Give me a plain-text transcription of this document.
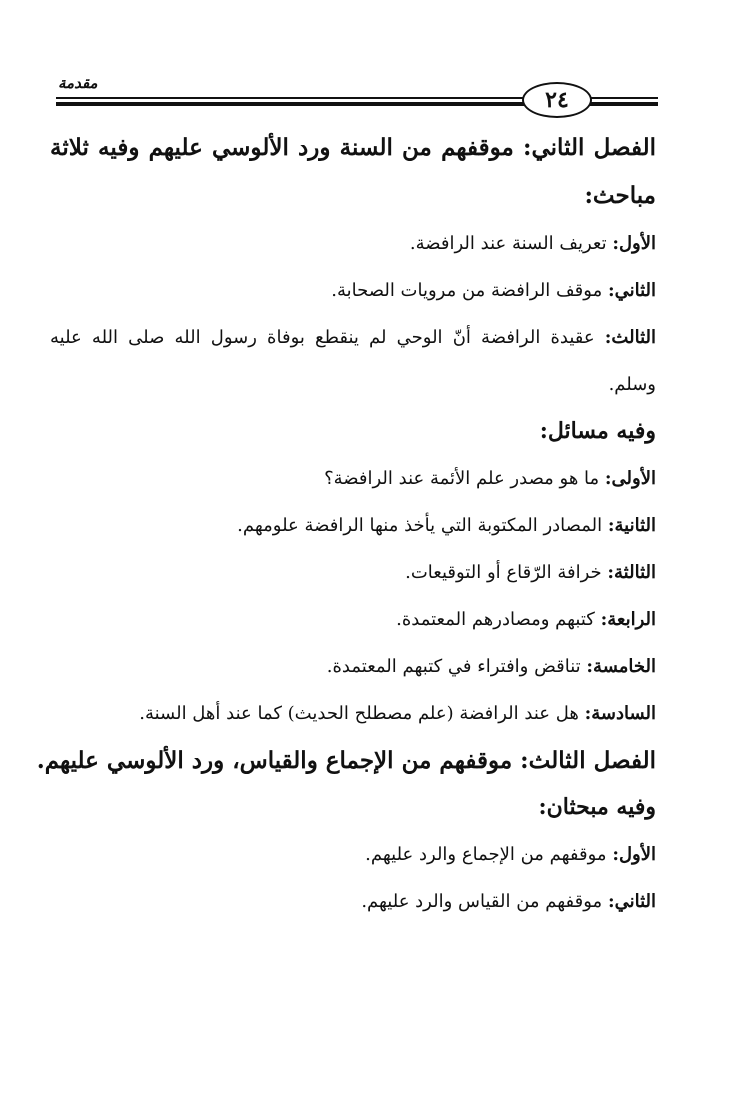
مقدمة
٢٤
الفصل الثاني: موقفهم من السنة ورد الألوسي عليهم وفيه ثلاثة مباحث:
الأول: تعريف السنة عند الرافضة.
الثاني: موقف الرافضة من مرويات الصحابة.
الثالث: عقيدة الرافضة أنّ الوحي لم ينقطع بوفاة رسول الله صلى الله عليه وسلم.
وفيه مسائل:
الأولى: ما هو مصدر علم الأئمة عند الرافضة؟
الثانية: المصادر المكتوبة التي يأخذ منها الرافضة علومهم.
الثالثة: خرافة الرّقاع أو التوقيعات.
الرابعة: كتبهم ومصادرهم المعتمدة.
الخامسة: تناقض وافتراء في كتبهم المعتمدة.
السادسة: هل عند الرافضة (علم مصطلح الحديث) كما عند أهل السنة.
الفصل الثالث: موقفهم من الإجماع والقياس، ورد الألوسي عليهم.
وفيه مبحثان:
الأول: موقفهم من الإجماع والرد عليهم.
الثاني: موقفهم من القياس والرد عليهم.
